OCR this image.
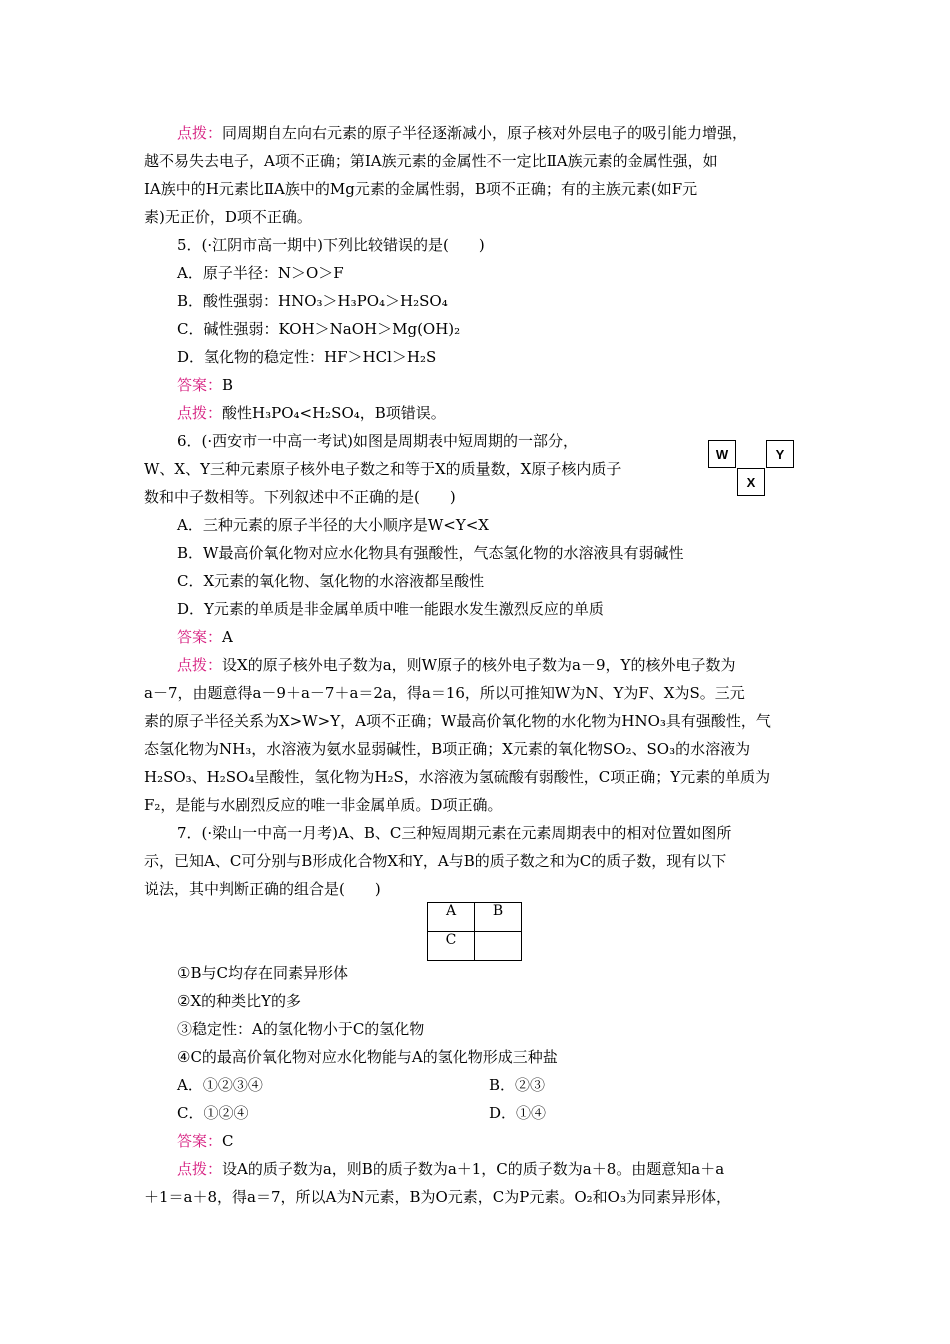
点拨：同周期自左向右元素的原子半径逐渐减小，原子核对外层电子的吸引能力增强，
越不易失去电子，A项不正确；第ⅠA族元素的金属性不一定比ⅡA族元素的金属性强，如
ⅠA族中的H元素比ⅡA族中的Mg元素的金属性弱，B项不正确；有的主族元素(如F元
素)无正价，D项不正确。
5．(·江阴市高一期中)下列比较错误的是(　　)
A．原子半径：N＞O＞F
B．酸性强弱：HNO₃＞H₃PO₄＞H₂SO₄
C．碱性强弱：KOH＞NaOH＞Mg(OH)₂
D．氢化物的稳定性：HF＞HCl＞H₂S
答案：B
点拨：酸性H₃PO₄<H₂SO₄，B项错误。
6．(·西安市一中高一考试)如图是周期表中短周期的一部分，
W、X、Y三种元素原子核外电子数之和等于X的质量数，X原子核内质子
数和中子数相等。下列叙述中不正确的是(　　)
W	Y
X
A．三种元素的原子半径的大小顺序是W<Y<X
B．W最高价氧化物对应水化物具有强酸性，气态氢化物的水溶液具有弱碱性
C．X元素的氧化物、氢化物的水溶液都呈酸性
D．Y元素的单质是非金属单质中唯一能跟水发生激烈反应的单质
答案：A
点拨：设X的原子核外电子数为a，则W原子的核外电子数为a－9，Y的核外电子数为
a－7，由题意得a－9＋a－7＋a＝2a，得a＝16，所以可推知W为N、Y为F、X为S。三元
素的原子半径关系为X>W>Y，A项不正确；W最高价氧化物的水化物为HNO₃具有强酸性，气
态氢化物为NH₃，水溶液为氨水显弱碱性，B项正确；X元素的氧化物SO₂、SO₃的水溶液为
H₂SO₃、H₂SO₄呈酸性，氢化物为H₂S，水溶液为氢硫酸有弱酸性，C项正确；Y元素的单质为
F₂，是能与水剧烈反应的唯一非金属单质。D项正确。
7．(·梁山一中高一月考)A、B、C三种短周期元素在元素周期表中的相对位置如图所
示，已知A、C可分别与B形成化合物X和Y，A与B的质子数之和为C的质子数，现有以下
说法，其中判断正确的组合是(　　)
A	B
C	
①B与C均存在同素异形体
②X的种类比Y的多
③稳定性：A的氢化物小于C的氢化物
④C的最高价氧化物对应水化物能与A的氢化物形成三种盐
A．①②③④	B．②③
C．①②④	D．①④
答案：C
点拨：设A的质子数为a，则B的质子数为a＋1，C的质子数为a＋8。由题意知a＋a
＋1＝a＋8，得a＝7，所以A为N元素，B为O元素，C为P元素。O₂和O₃为同素异形体，
